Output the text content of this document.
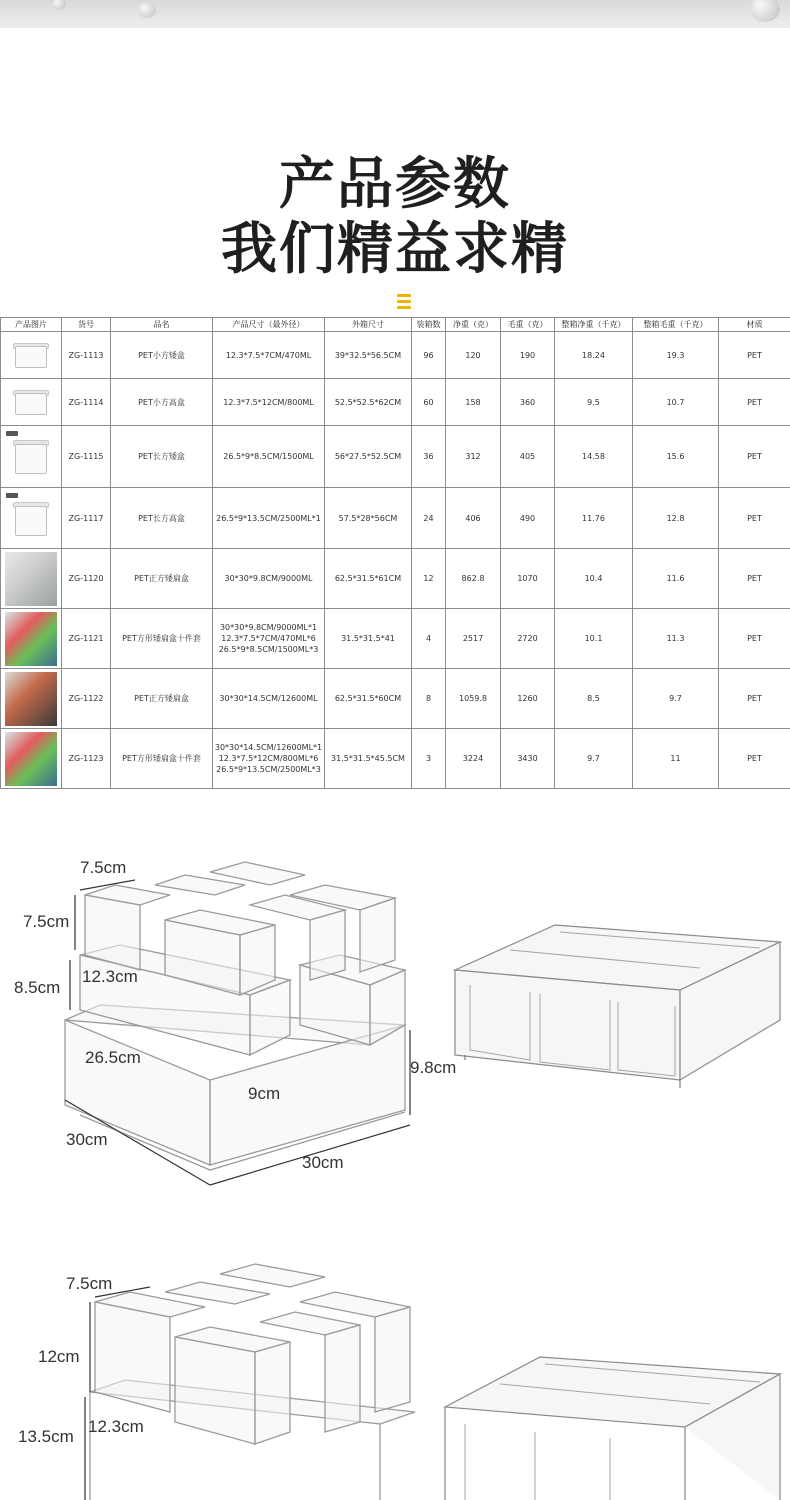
产品参数
我们精益求精
产品图片	货号	品名	产品尺寸（最外径）	外箱尺寸	装箱数	净重（克）	毛重（克）	整箱净重（千克）	整箱毛重（千克）	材质

	ZG-1113	PET小方矮盒	12.3*7.5*7CM/470ML	39*32.5*56.5CM	96	120	190	18.24	19.3	PET

	ZG-1114	PET小方高盒	12.3*7.5*12CM/800ML	52.5*52.5*62CM	60	158	360	9.5	10.7	PET

	ZG-1115	PET长方矮盒	26.5*9*8.5CM/1500ML	56*27.5*52.5CM	36	312	405	14.58	15.6	PET

	ZG-1117	PET长方高盒	26.5*9*13.5CM/2500ML*1	57.5*28*56CM	24	406	490	11.76	12.8	PET

	ZG-1120	PET正方矮扁盒	30*30*9.8CM/9000ML	62.5*31.5*61CM	12	862.8	1070	10.4	11.6	PET

	ZG-1121	PET方形矮扁盒十件套	30*30*9.8CM/9000ML*1
12.3*7.5*7CM/470ML*6
26.5*9*8.5CM/1500ML*3	31.5*31.5*41	4	2517	2720	10.1	11.3	PET

	ZG-1122	PET正方矮扁盒	30*30*14.5CM/12600ML	62.5*31.5*60CM	8	1059.8	1260	8.5	9.7	PET

	ZG-1123	PET方形矮扁盒十件套	30*30*14.5CM/12600ML*1
12.3*7.5*12CM/800ML*6
26.5*9*13.5CM/2500ML*3	31.5*31.5*45.5CM	3	3224	3430	9.7	11	PET
7.5cm
7.5cm
12.3cm
8.5cm
26.5cm
9cm
9.8cm
30cm
30cm
7.5cm
12cm
12.3cm
13.5cm
